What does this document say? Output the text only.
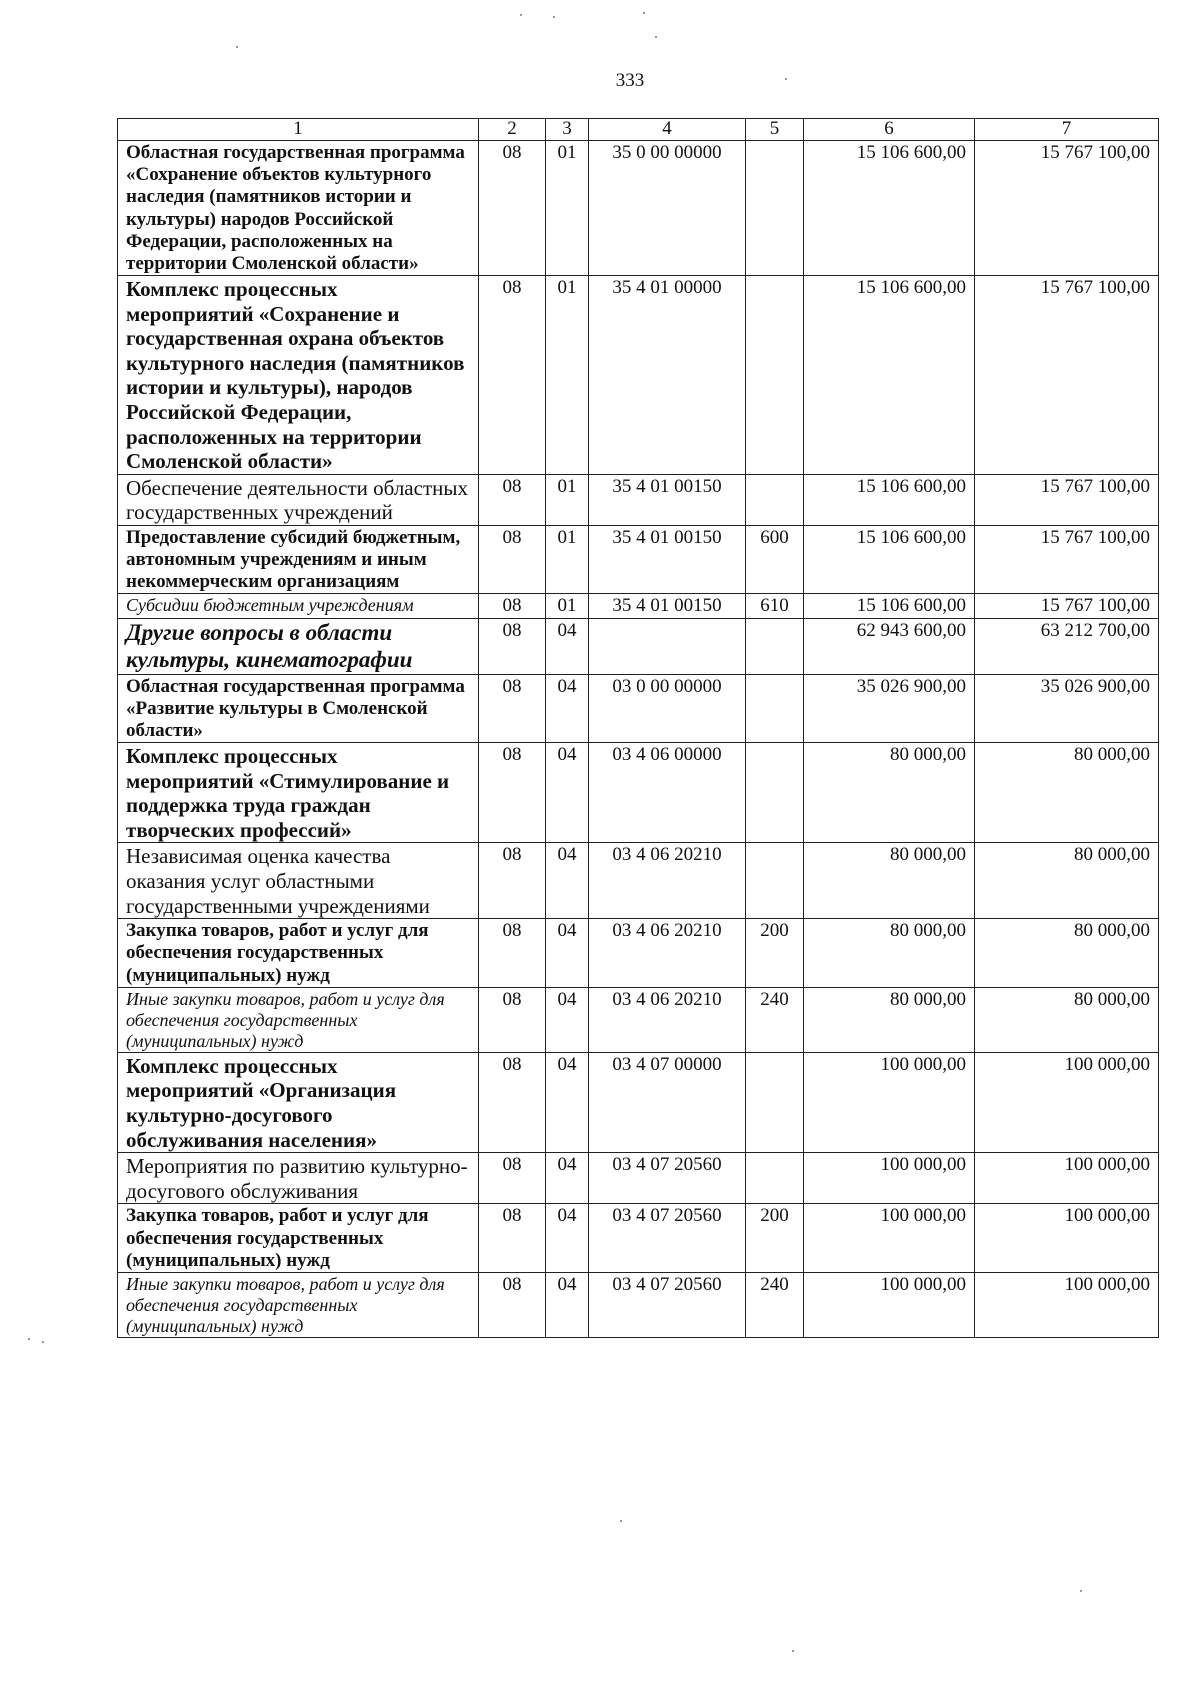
333
1	2	3	4	5	6	7
Областная государственная программа «Сохранение объектов культурного наследия (памятников истории и культуры) народов Российской Федерации, расположенных на территории Смоленской области»	08	01	35 0 00 00000		15 106 600,00	15 767 100,00
Комплекс процессных мероприятий «Сохранение и государственная охрана объектов культурного наследия (памятников истории и культуры), народов Российской Федерации, расположенных на территории Смоленской области»	08	01	35 4 01 00000		15 106 600,00	15 767 100,00
Обеспечение деятельности областных государственных учреждений	08	01	35 4 01 00150		15 106 600,00	15 767 100,00
Предоставление субсидий бюджетным, автономным учреждениям и иным некоммерческим организациям	08	01	35 4 01 00150	600	15 106 600,00	15 767 100,00
Субсидии бюджетным учреждениям	08	01	35 4 01 00150	610	15 106 600,00	15 767 100,00
Другие вопросы в области культуры, кинематографии	08	04			62 943 600,00	63 212 700,00
Областная государственная программа «Развитие культуры в Смоленской области»	08	04	03 0 00 00000		35 026 900,00	35 026 900,00
Комплекс процессных мероприятий «Стимулирование и поддержка труда граждан творческих профессий»	08	04	03 4 06 00000		80 000,00	80 000,00
Независимая оценка качества оказания услуг областными государственными учреждениями	08	04	03 4 06 20210		80 000,00	80 000,00
Закупка товаров, работ и услуг для обеспечения государственных (муниципальных) нужд	08	04	03 4 06 20210	200	80 000,00	80 000,00
Иные закупки товаров, работ и услуг для обеспечения государственных (муниципальных) нужд	08	04	03 4 06 20210	240	80 000,00	80 000,00
Комплекс процессных мероприятий «Организация культурно-досугового обслуживания населения»	08	04	03 4 07 00000		100 000,00	100 000,00
Мероприятия по развитию культурно-досугового обслуживания	08	04	03 4 07 20560		100 000,00	100 000,00
Закупка товаров, работ и услуг для обеспечения государственных (муниципальных) нужд	08	04	03 4 07 20560	200	100 000,00	100 000,00
Иные закупки товаров, работ и услуг для обеспечения государственных (муниципальных) нужд	08	04	03 4 07 20560	240	100 000,00	100 000,00
